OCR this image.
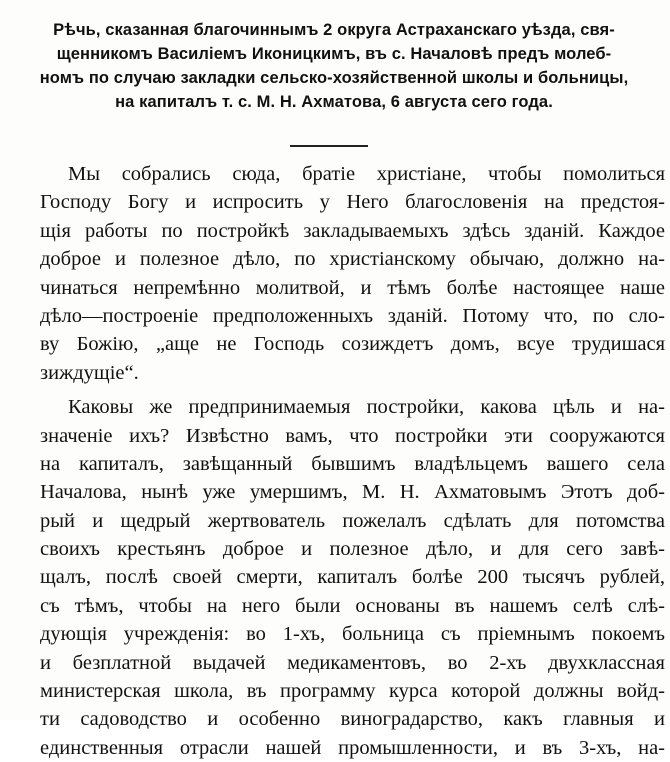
Рѣчь, сказанная благочиннымъ 2 округа Астраханскаго уѣзда, свя-
щенникомъ Василіемъ Иконицкимъ, въ с. Началовѣ предъ молеб-
номъ по случаю закладки сельско-хозяйственной школы и больницы,
на капиталъ т. с. М. Н. Ахматова, 6 августа сего года.
Мы собрались сюда, братіе христіане, чтобы помолиться
Господу Богу и испросить у Него благословенія на предстоя-
щія работы по постройкѣ закладываемыхъ здѣсь зданій. Каждое
доброе и полезное дѣло, по христіанскому обычаю, должно на-
чинаться непремѣнно молитвой, и тѣмъ болѣе настоящее наше
дѣло—построеніе предположенныхъ зданій. Потому что, по сло-
ву Божію, „аще не Господь созиждетъ домъ, всуе трудишася
зиждущіе“.
Каковы же предпринимаемыя постройки, какова цѣль и на-
значеніе ихъ? Извѣстно вамъ, что постройки эти сооружаются
на капиталъ, завѣщанный бывшимъ владѣльцемъ вашего села
Началова, нынѣ уже умершимъ, М. Н. Ахматовымъ Этотъ доб-
рый и щедрый жертвователь пожелалъ сдѣлать для потомства
своихъ крестьянъ доброе и полезное дѣло, и для сего завѣ-
щалъ, послѣ своей смерти, капиталъ болѣе 200 тысячъ рублей,
съ тѣмъ, чтобы на него были основаны въ нашемъ селѣ слѣ-
дующія учрежденія: во 1-хъ, больница съ пріемнымъ покоемъ
и безплатной выдачей медикаментовъ, во 2-хъ двухклассная
министерская школа, въ программу курса которой должны войд-
ти садоводство и особенно виноградарство, какъ главныя и
единственныя отрасли нашей промышленности, и въ 3-хъ, на-
